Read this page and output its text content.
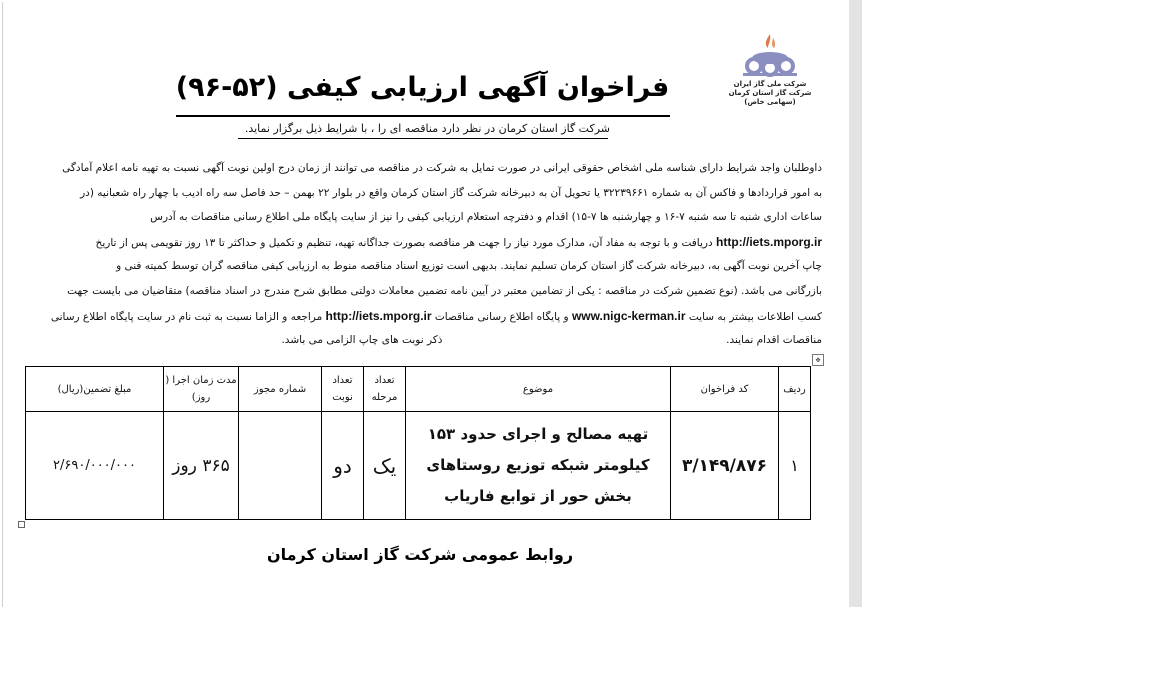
شرکت ملی گاز ایران
شرکت گاز استان کرمان
(سهامی خاص)
فراخوان آگهی ارزیابی کیفی (۵۲-۹۶)
شرکت گاز استان کرمان در نظر دارد مناقصه ای را ، با شرایط ذیل برگزار نماید.
داوطلبان واجد شرایط دارای شناسه ملی اشخاص حقوقی ایرانی در صورت تمایل به شرکت در مناقصه می توانند از زمان درج اولین نوبت آگهی نسبت به تهیه نامه اعلام آمادگی
به امور قراردادها و فاکس آن به شماره ۳۲۲۳۹۶۶۱ یا تحویل آن به دبیرخانه شرکت گاز استان کرمان واقع در بلوار ۲۲ بهمن – حد فاصل سه راه ادیب با چهار راه شعبانیه (در
ساعات اداری شنبه تا سه شنبه ۷-۱۶ و چهارشنبه ها ۷-۱۵) اقدام و دفترچه استعلام ارزیابی کیفی را نیز از سایت پایگاه ملی اطلاع رسانی مناقصات به آدرس
http://iets.mporg.ir دریافت و با توجه به مفاد آن، مدارک مورد نیاز را جهت هر مناقصه بصورت جداگانه تهیه، تنظیم و تکمیل و حداکثر تا ۱۳ روز تقویمی پس از تاریخ
چاپ آخرین نوبت آگهی به، دبیرخانه شرکت گاز استان کرمان تسلیم نمایند. بدیهی است توزیع اسناد مناقصه منوط به ارزیابی کیفی مناقصه گران توسط کمیته فنی و
بازرگانی می باشد. (نوع تضمین شرکت در مناقصه : یکی از تضامین معتبر در آیین نامه تضمین معاملات دولتی مطابق شرح مندرج در اسناد مناقصه) متقاضیان می بایست جهت
کسب اطلاعات بیشتر به سایت www.nigc-kerman.ir و پایگاه اطلاع رسانی مناقصات http://iets.mporg.ir مراجعه و الزاما نسبت به ثبت نام در سایت پایگاه اطلاع رسانی
مناقصات اقدام نمایند.                                                                                     ذکر نوبت های چاپ الزامی می باشد.
✥
ردیف	کد فراخوان	موضوع	تعداد مرحله	تعداد نوبت	شماره مجوز	مدت زمان اجرا ( روز)	مبلغ تضمین(ریال)
۱	۳/۱۴۹/۸۷۶	تهیه مصالح و اجرای حدود ۱۵۳ کیلومتر شبکه توزیع روستاهای بخش حور از توابع فاریاب	یک	دو		۳۶۵ روز	۲/۶۹۰/۰۰۰/۰۰۰
روابط عمومی شرکت گاز استان کرمان
